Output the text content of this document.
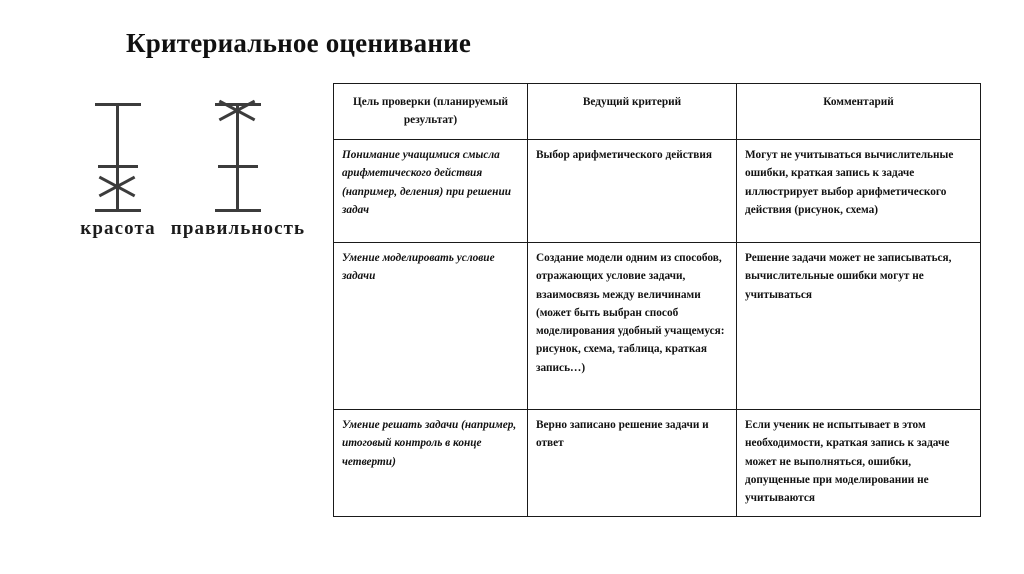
Критериальное оценивание
красота правильность
Цель проверки (планируемый результат)	Ведущий критерий	Комментарий
Понимание учащимися смысла арифметического действия (например, деления) при решении задач	Выбор арифметического действия	Могут не учитываться вычислительные ошибки, краткая запись к задаче иллюстрирует выбор арифметического действия (рисунок, схема)
Умение моделировать условие задачи	Создание модели одним из способов, отражающих условие задачи, взаимосвязь между величинами (может быть выбран способ моделирования удобный учащемуся: рисунок, схема, таблица, краткая запись…)	Решение задачи может не записываться, вычислительные ошибки могут не учитываться
Умение решать задачи (например, итоговый контроль в конце четверти)	Верно записано решение задачи и ответ	Если ученик не испытывает в этом необходимости, краткая запись к задаче может не выполняться, ошибки, допущенные при моделировании не учитываются
